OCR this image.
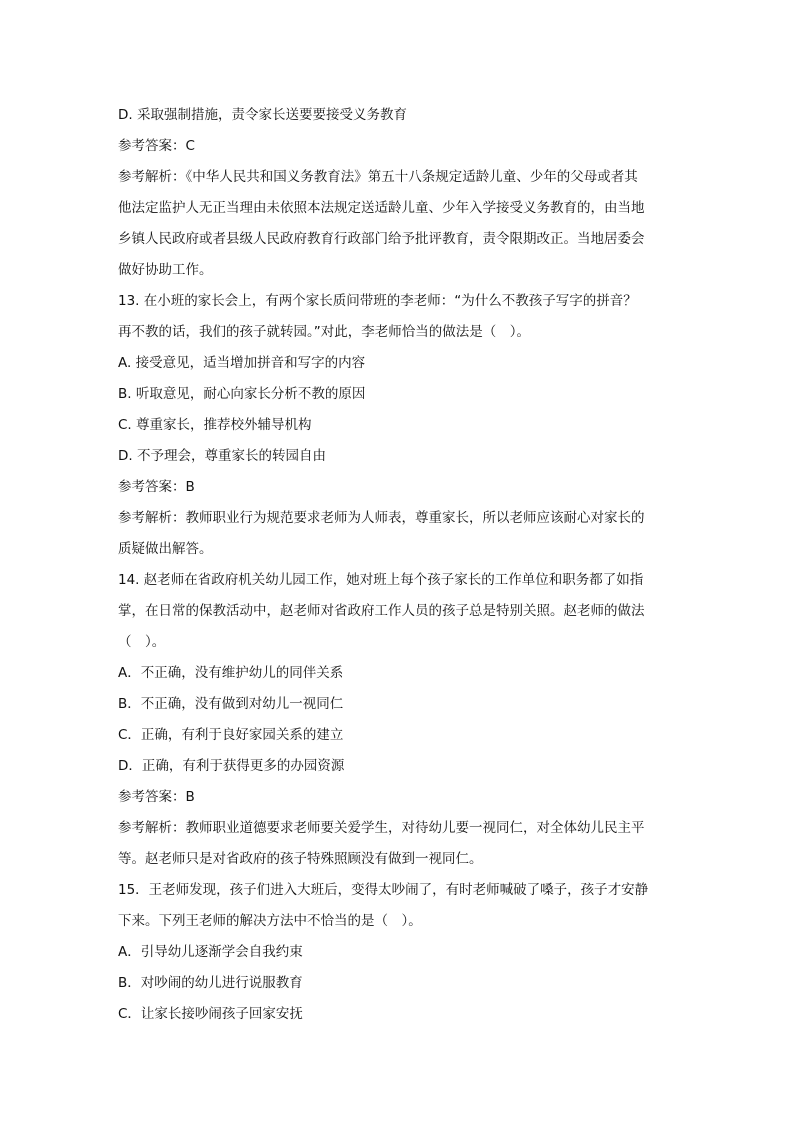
D. 采取强制措施，责令家长送要要接受义务教育
参考答案：C
参考解析：《中华人民共和国义务教育法》第五十八条规定适龄儿童、少年的父母或者其
他法定监护人无正当理由未依照本法规定送适龄儿童、少年入学接受义务教育的，由当地
乡镇人民政府或者县级人民政府教育行政部门给予批评教育，责令限期改正。当地居委会
做好协助工作。
13. 在小班的家长会上，有两个家长质问带班的李老师：“为什么不教孩子写字的拼音？
再不教的话，我们的孩子就转园。”对此，李老师恰当的做法是（　）。
A. 接受意见，适当增加拼音和写字的内容
B. 听取意见，耐心向家长分析不教的原因
C. 尊重家长，推荐校外辅导机构
D. 不予理会，尊重家长的转园自由
参考答案：B
参考解析：教师职业行为规范要求老师为人师表，尊重家长，所以老师应该耐心对家长的
质疑做出解答。
14. 赵老师在省政府机关幼儿园工作，她对班上每个孩子家长的工作单位和职务都了如指
掌，在日常的保教活动中，赵老师对省政府工作人员的孩子总是特别关照。赵老师的做法
（　）。
A．不正确，没有维护幼儿的同伴关系
B．不正确，没有做到对幼儿一视同仁
C．正确，有利于良好家园关系的建立
D．正确，有利于获得更多的办园资源
参考答案：B
参考解析：教师职业道德要求老师要关爱学生，对待幼儿要一视同仁，对全体幼儿民主平
等。赵老师只是对省政府的孩子特殊照顾没有做到一视同仁。
15．王老师发现，孩子们进入大班后，变得太吵闹了，有时老师喊破了嗓子，孩子才安静
下来。下列王老师的解决方法中不恰当的是（　）。
A．引导幼儿逐渐学会自我约束
B．对吵闹的幼儿进行说服教育
C．让家长接吵闹孩子回家安抚
